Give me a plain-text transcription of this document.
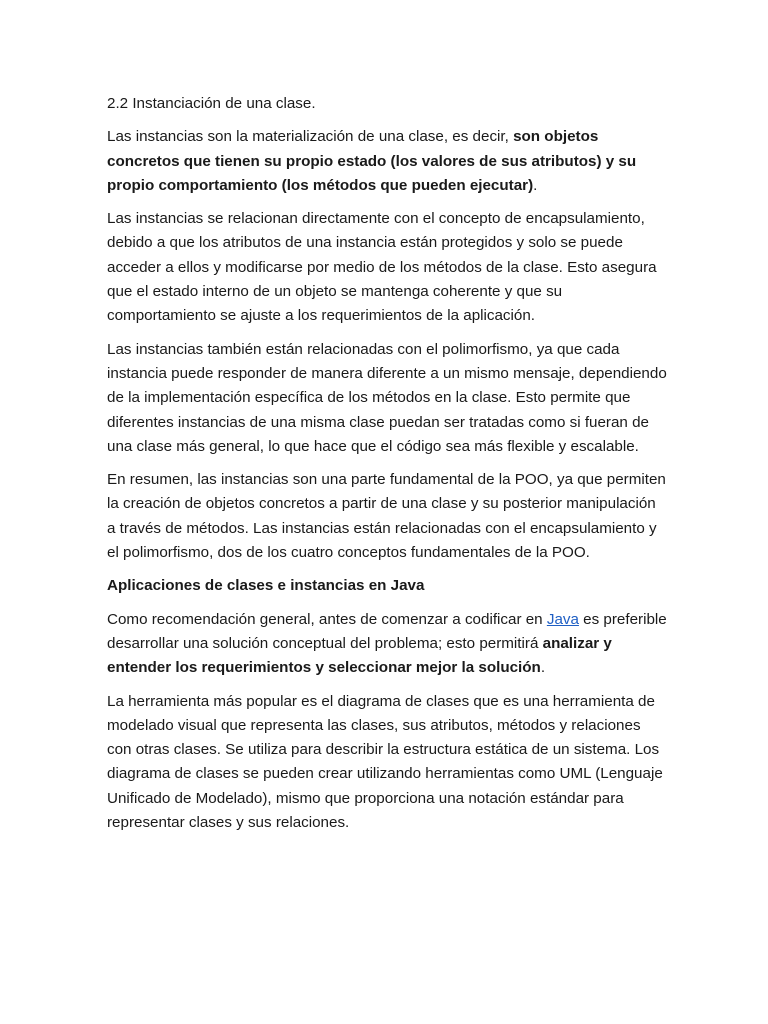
2.2 Instanciación de una clase.

Las instancias son la materialización de una clase, es decir, son objetos concretos que tienen su propio estado (los valores de sus atributos) y su propio comportamiento (los métodos que pueden ejecutar).

Las instancias se relacionan directamente con el concepto de encapsulamiento, debido a que los atributos de una instancia están protegidos y solo se puede acceder a ellos y modificarse por medio de los métodos de la clase. Esto asegura que el estado interno de un objeto se mantenga coherente y que su comportamiento se ajuste a los requerimientos de la aplicación.

Las instancias también están relacionadas con el polimorfismo, ya que cada instancia puede responder de manera diferente a un mismo mensaje, dependiendo de la implementación específica de los métodos en la clase. Esto permite que diferentes instancias de una misma clase puedan ser tratadas como si fueran de una clase más general, lo que hace que el código sea más flexible y escalable.

En resumen, las instancias son una parte fundamental de la POO, ya que permiten la creación de objetos concretos a partir de una clase y su posterior manipulación a través de métodos. Las instancias están relacionadas con el encapsulamiento y el polimorfismo, dos de los cuatro conceptos fundamentales de la POO.

Aplicaciones de clases e instancias en Java

Como recomendación general, antes de comenzar a codificar en Java es preferible desarrollar una solución conceptual del problema; esto permitirá analizar y entender los requerimientos y seleccionar mejor la solución.

La herramienta más popular es el diagrama de clases que es una herramienta de modelado visual que representa las clases, sus atributos, métodos y relaciones con otras clases. Se utiliza para describir la estructura estática de un sistema. Los diagrama de clases se pueden crear utilizando herramientas como UML (Lenguaje Unificado de Modelado), mismo que proporciona una notación estándar para representar clases y sus relaciones.
